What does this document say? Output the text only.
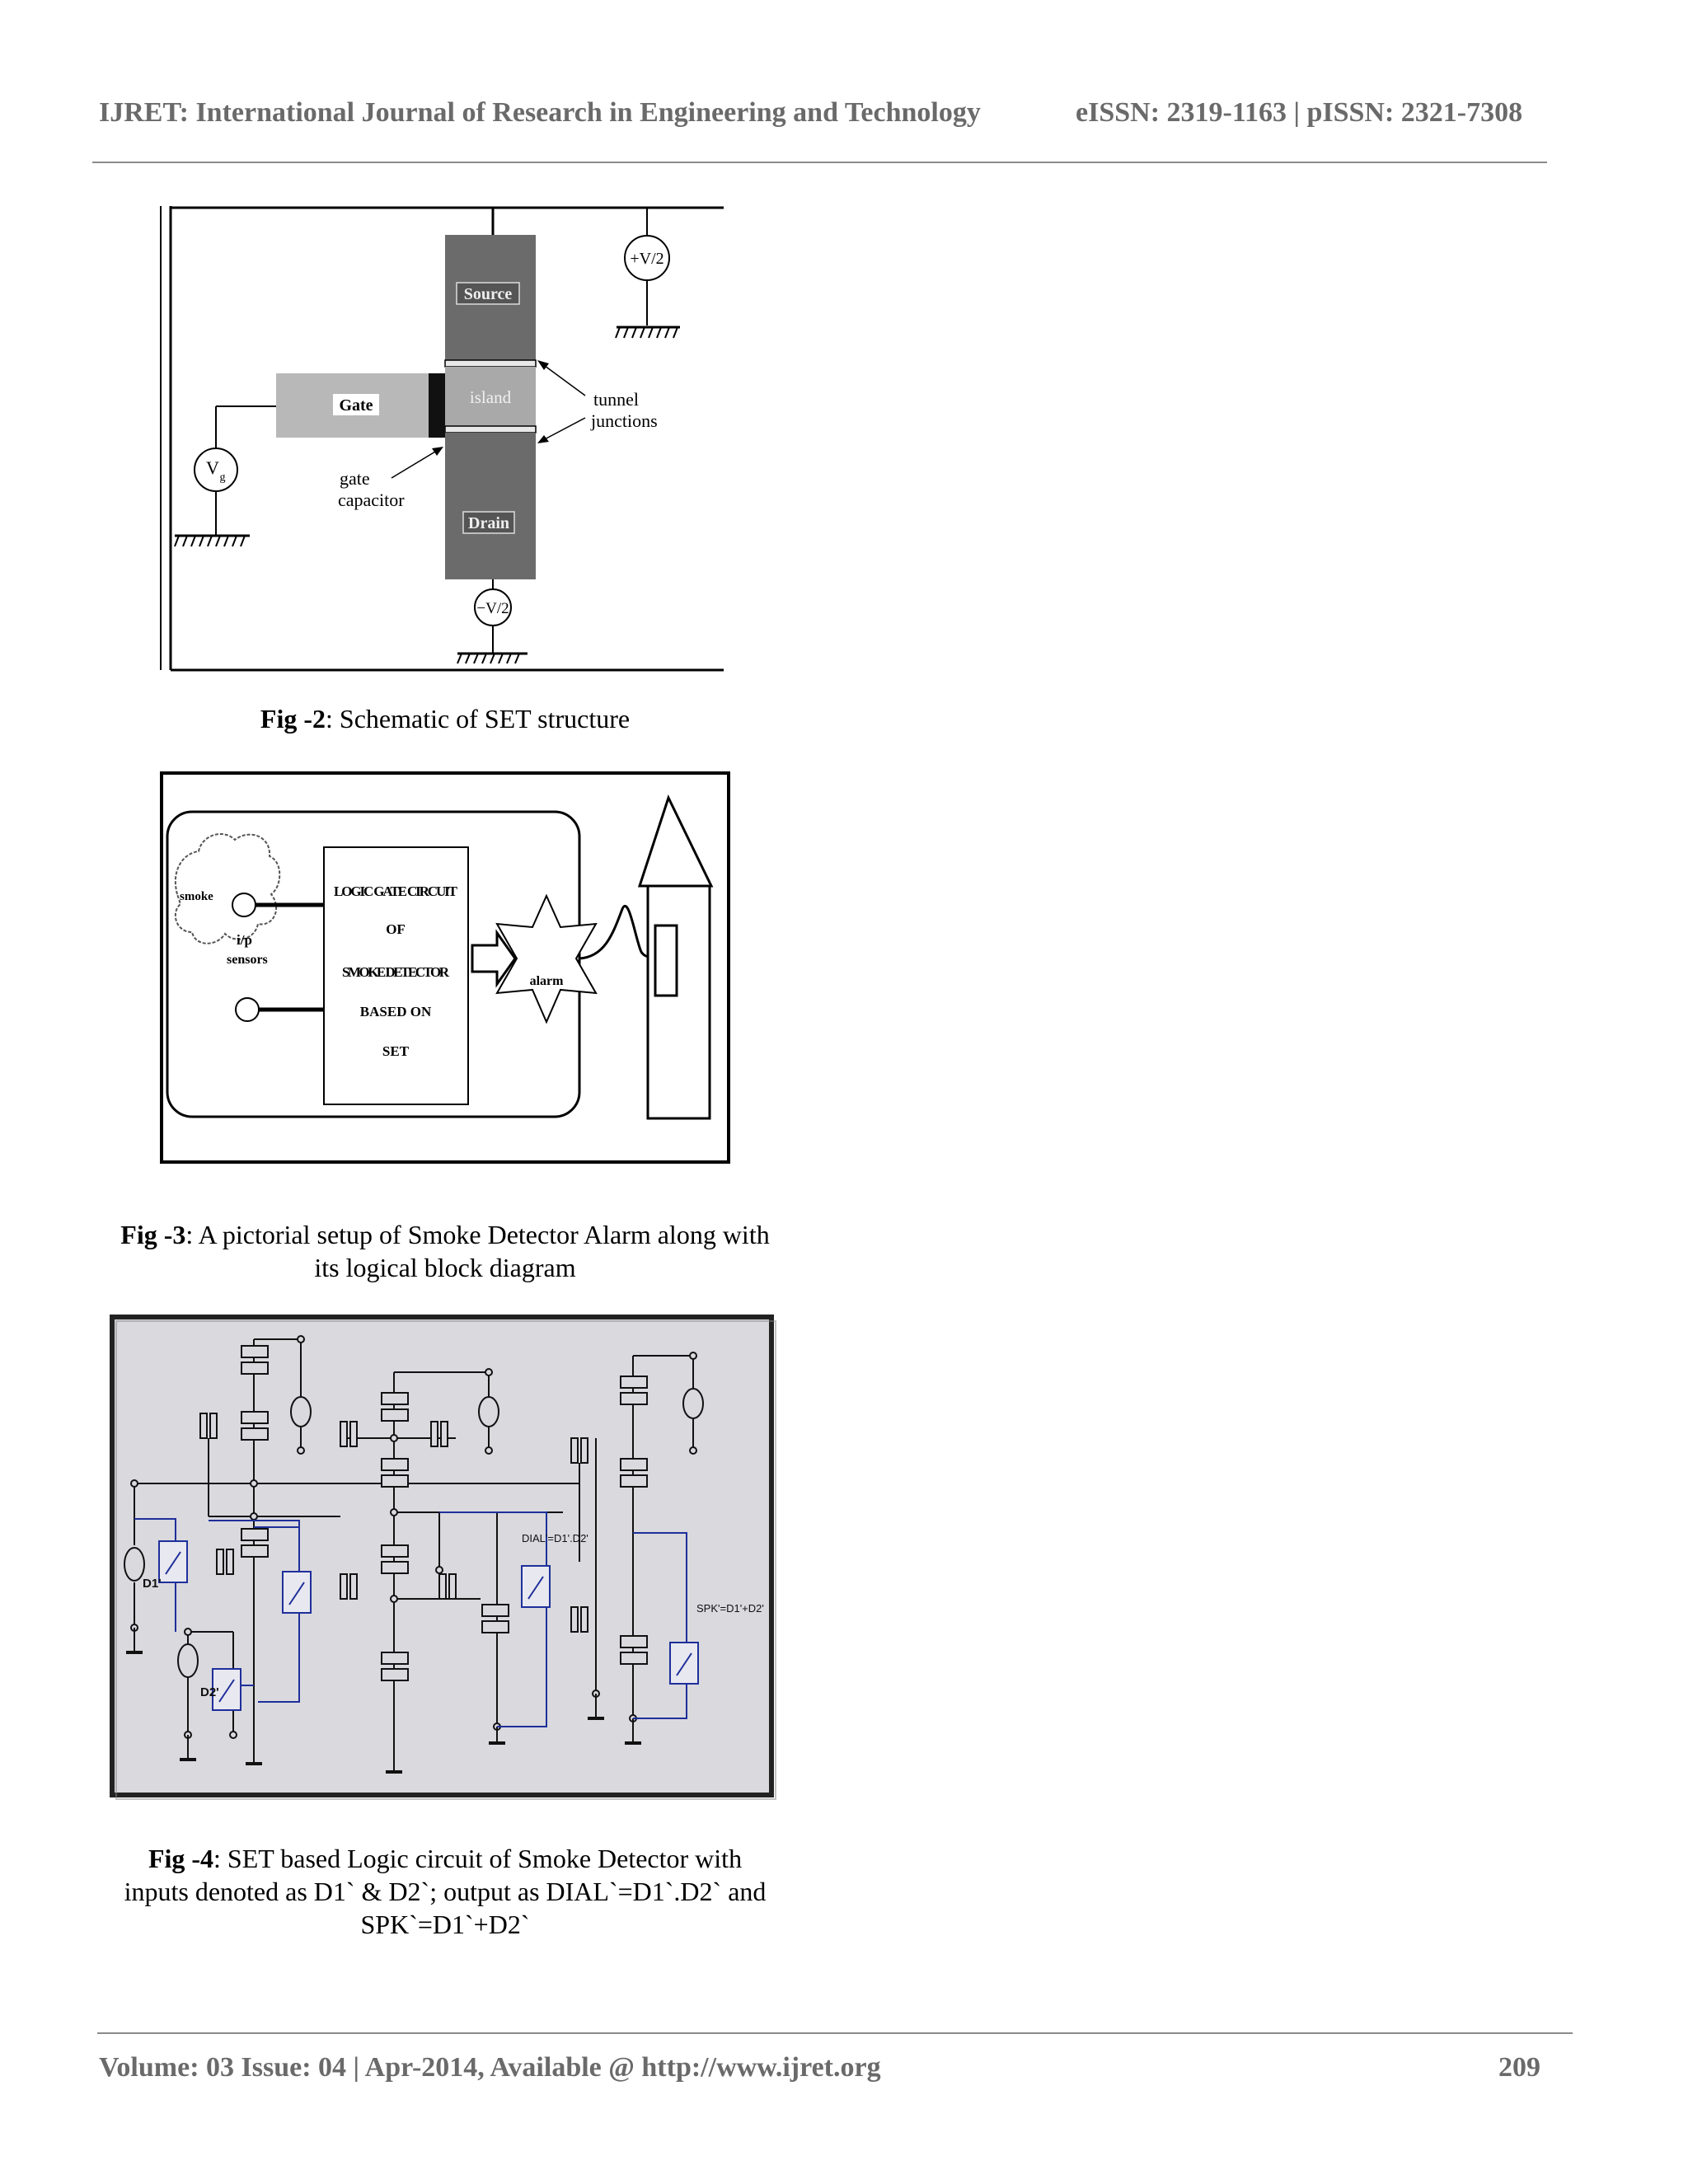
IJRET: International Journal of Research in Engineering and Technology	eISSN: 2319-1163 | pISSN: 2321-7308
Source
island
Drain
Gate
+V/2
−V/2
V g
tunnel
junctions
gate
capacitor
Fig -2: Schematic of SET structure
smoke
i/p
sensors
LOGIC GATE CIRCUIT
OF
SMOKE DETECTOR
BASED ON
SET
alarm
Fig -3: A pictorial setup of Smoke Detector Alarm along with
its logical block diagram
D1'
D2'
DIAL'=D1'.D2'
SPK'=D1'+D2'
Fig -4: SET based Logic circuit of Smoke Detector with
inputs denoted as D1` & D2`; output as DIAL`=D1`.D2` and
SPK`=D1`+D2`
Volume: 03 Issue: 04 | Apr-2014, Available @ http://www.ijret.org	209
